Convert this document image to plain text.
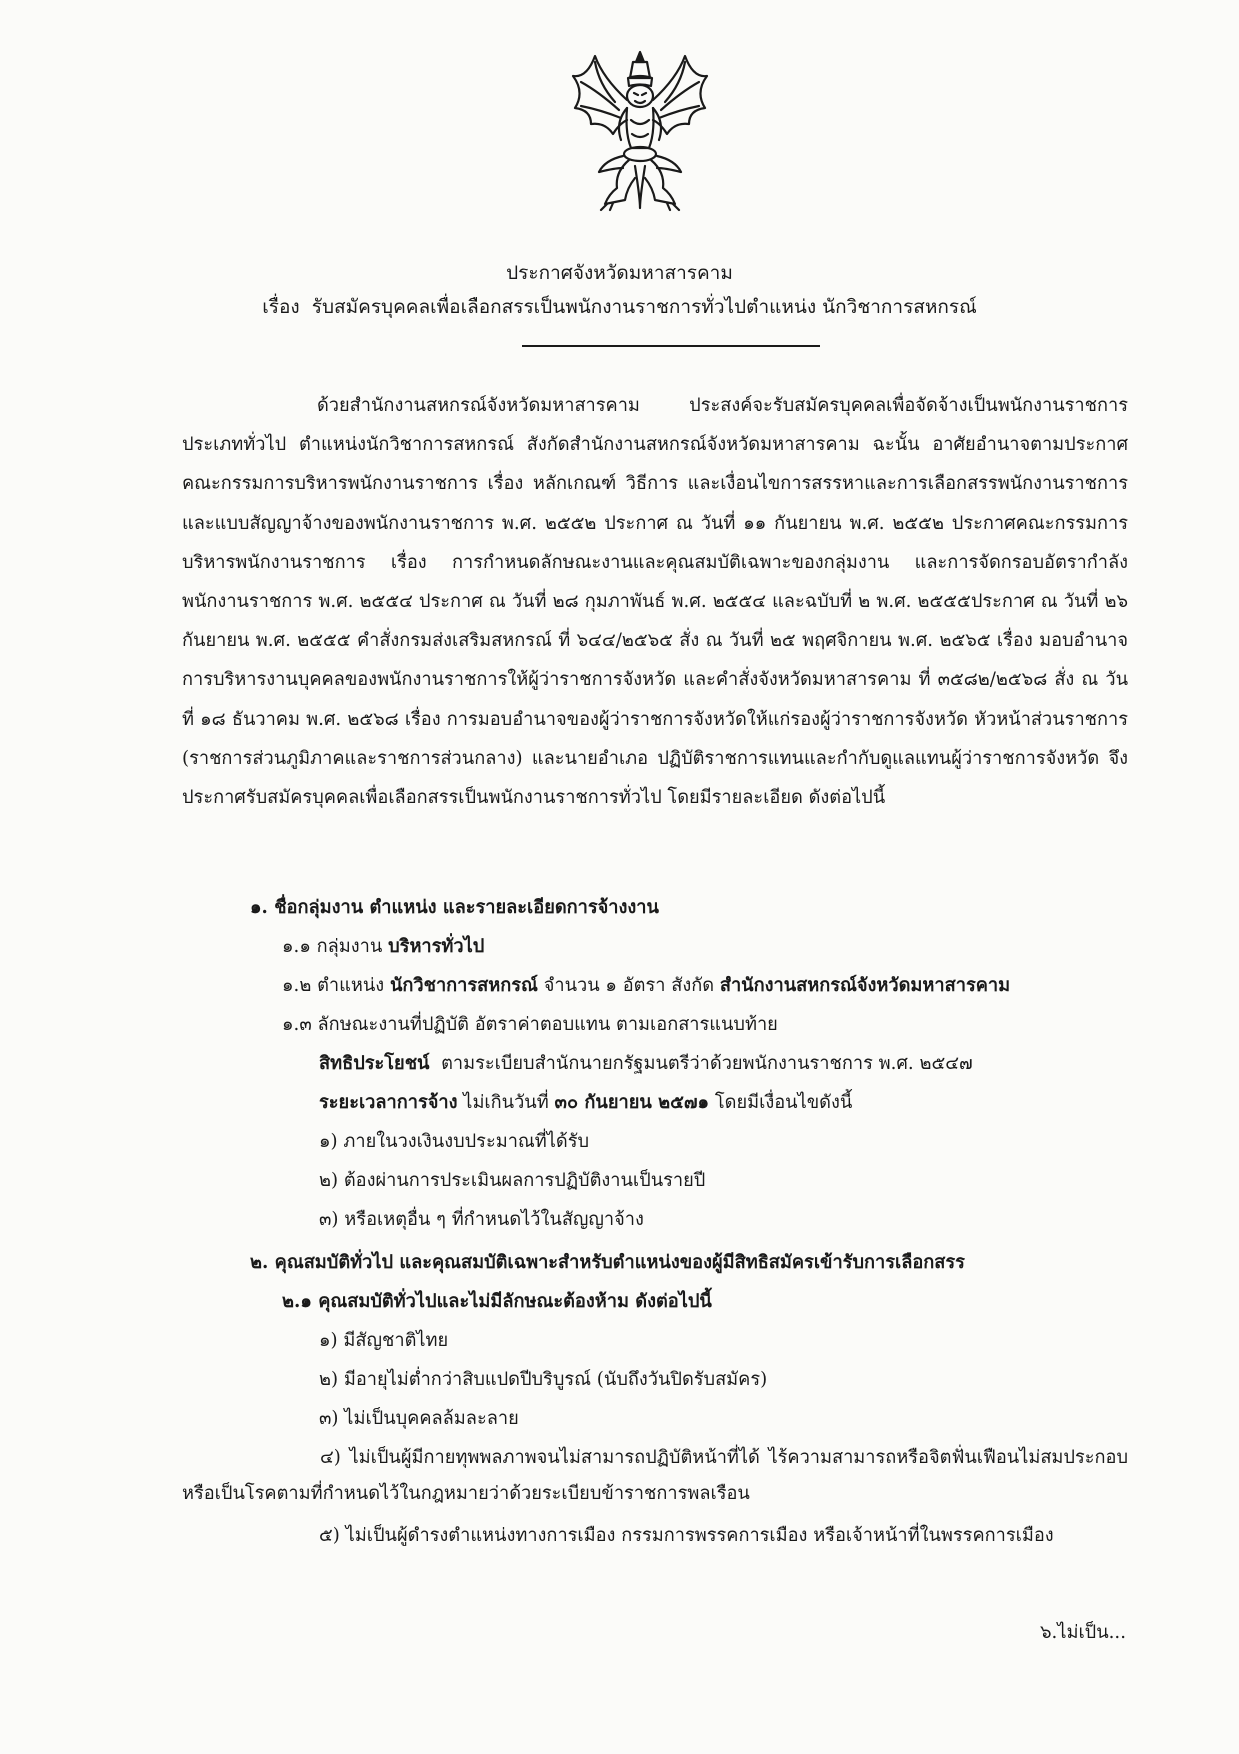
ประกาศจังหวัดมหาสารคาม
เรื่อง รับสมัครบุคคลเพื่อเลือกสรรเป็นพนักงานราชการทั่วไปตำแหน่ง นักวิชาการสหกรณ์
ด้วยสำนักงานสหกรณ์จังหวัดมหาสารคาม ประสงค์จะรับสมัครบุคคลเพื่อจัดจ้างเป็นพนักงานราชการประเภททั่วไป ตำแหน่งนักวิชาการสหกรณ์ สังกัดสำนักงานสหกรณ์จังหวัดมหาสารคาม ฉะนั้น อาศัยอำนาจตามประกาศคณะกรรมการบริหารพนักงานราชการ เรื่อง หลักเกณฑ์ วิธีการ และเงื่อนไขการสรรหาและการเลือกสรรพนักงานราชการ และแบบสัญญาจ้างของพนักงานราชการ พ.ศ. ๒๕๕๒ ประกาศ ณ วันที่ ๑๑ กันยายน พ.ศ. ๒๕๕๒ ประกาศคณะกรรมการบริหารพนักงานราชการ เรื่อง การกำหนดลักษณะงานและคุณสมบัติเฉพาะของกลุ่มงาน และการจัดกรอบอัตรากำลังพนักงานราชการ พ.ศ. ๒๕๕๔ ประกาศ ณ วันที่ ๒๘ กุมภาพันธ์ พ.ศ. ๒๕๕๔ และฉบับที่ ๒ พ.ศ. ๒๕๕๕ประกาศ ณ วันที่ ๒๖ กันยายน พ.ศ. ๒๕๕๕ คำสั่งกรมส่งเสริมสหกรณ์ ที่ ๖๔๔/๒๕๖๕ สั่ง ณ วันที่ ๒๕ พฤศจิกายน พ.ศ. ๒๕๖๕ เรื่อง มอบอำนาจการบริหารงานบุคคลของพนักงานราชการให้ผู้ว่าราชการจังหวัด และคำสั่งจังหวัดมหาสารคาม ที่ ๓๕๘๒/๒๕๖๘ สั่ง ณ วันที่ ๑๘ ธันวาคม พ.ศ. ๒๕๖๘ เรื่อง การมอบอำนาจของผู้ว่าราชการจังหวัดให้แก่รองผู้ว่าราชการจังหวัด หัวหน้าส่วนราชการ (ราชการส่วนภูมิภาคและราชการส่วนกลาง) และนายอำเภอ ปฏิบัติราชการแทนและกำกับดูแลแทนผู้ว่าราชการจังหวัด จึงประกาศรับสมัครบุคคลเพื่อเลือกสรรเป็นพนักงานราชการทั่วไป โดยมีรายละเอียด ดังต่อไปนี้
๑. ชื่อกลุ่มงาน ตำแหน่ง และรายละเอียดการจ้างงาน
๑.๑ กลุ่มงาน บริหารทั่วไป
๑.๒ ตำแหน่ง นักวิชาการสหกรณ์ จำนวน ๑ อัตรา สังกัด สำนักงานสหกรณ์จังหวัดมหาสารคาม
๑.๓ ลักษณะงานที่ปฏิบัติ อัตราค่าตอบแทน ตามเอกสารแนบท้าย
สิทธิประโยชน์ ตามระเบียบสำนักนายกรัฐมนตรีว่าด้วยพนักงานราชการ พ.ศ. ๒๕๔๗
ระยะเวลาการจ้าง ไม่เกินวันที่ ๓๐ กันยายน ๒๕๗๑ โดยมีเงื่อนไขดังนี้
๑) ภายในวงเงินงบประมาณที่ได้รับ
๒) ต้องผ่านการประเมินผลการปฏิบัติงานเป็นรายปี
๓) หรือเหตุอื่น ๆ ที่กำหนดไว้ในสัญญาจ้าง
๒. คุณสมบัติทั่วไป และคุณสมบัติเฉพาะสำหรับตำแหน่งของผู้มีสิทธิสมัครเข้ารับการเลือกสรร
๒.๑ คุณสมบัติทั่วไปและไม่มีลักษณะต้องห้าม ดังต่อไปนี้
๑) มีสัญชาติไทย
๒) มีอายุไม่ต่ำกว่าสิบแปดปีบริบูรณ์ (นับถึงวันปิดรับสมัคร)
๓) ไม่เป็นบุคคลล้มละลาย
๔) ไม่เป็นผู้มีกายทุพพลภาพจนไม่สามารถปฏิบัติหน้าที่ได้ ไร้ความสามารถหรือจิตฟั่นเฟือนไม่สมประกอบ หรือเป็นโรคตามที่กำหนดไว้ในกฎหมายว่าด้วยระเบียบข้าราชการพลเรือน
๕) ไม่เป็นผู้ดำรงตำแหน่งทางการเมือง กรรมการพรรคการเมือง หรือเจ้าหน้าที่ในพรรคการเมือง
๖.ไม่เป็น...
